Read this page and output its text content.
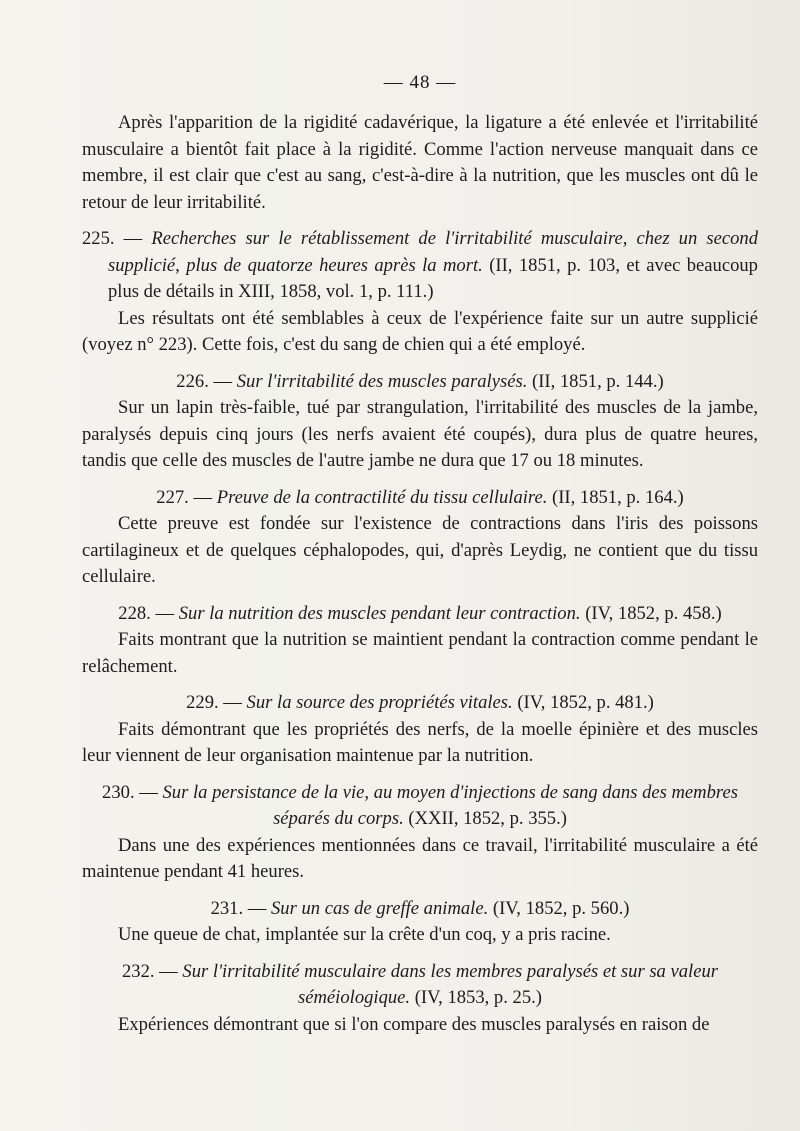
— 48 —

Après l'apparition de la rigidité cadavérique, la ligature a été enlevée et l'irritabilité musculaire a bientôt fait place à la rigidité. Comme l'action nerveuse manquait dans ce membre, il est clair que c'est au sang, c'est-à-dire à la nutrition, que les muscles ont dû le retour de leur irritabilité.

225. — Recherches sur le rétablissement de l'irritabilité musculaire, chez un second supplicié, plus de quatorze heures après la mort. (II, 1851, p. 103, et avec beaucoup plus de détails in XIII, 1858, vol. 1, p. 111.)

Les résultats ont été semblables à ceux de l'expérience faite sur un autre supplicié (voyez n° 223). Cette fois, c'est du sang de chien qui a été employé.

226. — Sur l'irritabilité des muscles paralysés. (II, 1851, p. 144.)

Sur un lapin très-faible, tué par strangulation, l'irritabilité des muscles de la jambe, paralysés depuis cinq jours (les nerfs avaient été coupés), dura plus de quatre heures, tandis que celle des muscles de l'autre jambe ne dura que 17 ou 18 minutes.

227. — Preuve de la contractilité du tissu cellulaire. (II, 1851, p. 164.)

Cette preuve est fondée sur l'existence de contractions dans l'iris des poissons cartilagineux et de quelques céphalopodes, qui, d'après Leydig, ne contient que du tissu cellulaire.

228. — Sur la nutrition des muscles pendant leur contraction. (IV, 1852, p. 458.)

Faits montrant que la nutrition se maintient pendant la contraction comme pendant le relâchement.

229. — Sur la source des propriétés vitales. (IV, 1852, p. 481.)

Faits démontrant que les propriétés des nerfs, de la moelle épinière et des muscles leur viennent de leur organisation maintenue par la nutrition.

230. — Sur la persistance de la vie, au moyen d'injections de sang dans des membres séparés du corps. (XXII, 1852, p. 355.)

Dans une des expériences mentionnées dans ce travail, l'irritabilité musculaire a été maintenue pendant 41 heures.

231. — Sur un cas de greffe animale. (IV, 1852, p. 560.)

Une queue de chat, implantée sur la crête d'un coq, y a pris racine.

232. — Sur l'irritabilité musculaire dans les membres paralysés et sur sa valeur séméiologique. (IV, 1853, p. 25.)

Expériences démontrant que si l'on compare des muscles paralysés en raison de
